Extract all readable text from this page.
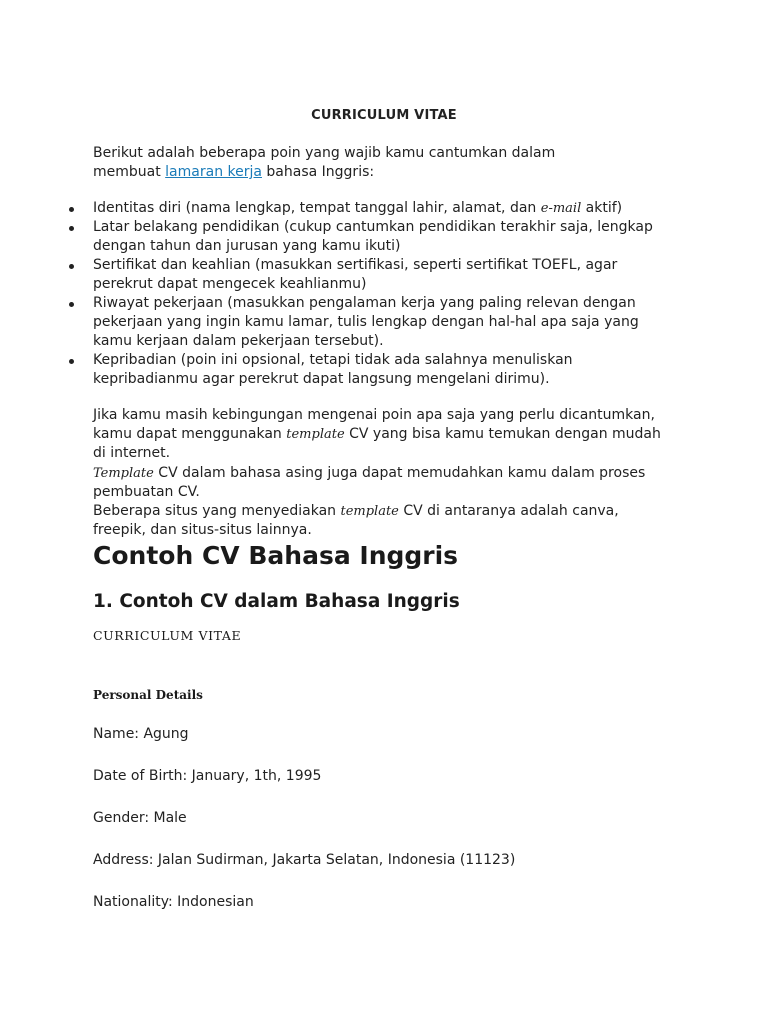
CURRICULUM VITAE
Berikut adalah beberapa poin yang wajib kamu cantumkan dalam membuat lamaran kerja bahasa Inggris:
Identitas diri (nama lengkap, tempat tanggal lahir, alamat, dan e-mail aktif)
Latar belakang pendidikan (cukup cantumkan pendidikan terakhir saja, lengkap dengan tahun dan jurusan yang kamu ikuti)
Sertifikat dan keahlian (masukkan sertifikasi, seperti sertifikat TOEFL, agar perekrut dapat mengecek keahlianmu)
Riwayat pekerjaan (masukkan pengalaman kerja yang paling relevan dengan pekerjaan yang ingin kamu lamar, tulis lengkap dengan hal-hal apa saja yang kamu kerjaan dalam pekerjaan tersebut).
Kepribadian (poin ini opsional, tetapi tidak ada salahnya menuliskan kepribadianmu agar perekrut dapat langsung mengelani dirimu).
Jika kamu masih kebingungan mengenai poin apa saja yang perlu dicantumkan, kamu dapat menggunakan template CV yang bisa kamu temukan dengan mudah di internet.
Template CV dalam bahasa asing juga dapat memudahkan kamu dalam proses pembuatan CV.
Beberapa situs yang menyediakan template CV di antaranya adalah canva, freepik, dan situs-situs lainnya.
Contoh CV Bahasa Inggris
1. Contoh CV dalam Bahasa Inggris
CURRICULUM VITAE
Personal Details
Name: Agung
Date of Birth: January, 1th, 1995
Gender: Male
Address: Jalan Sudirman, Jakarta Selatan, Indonesia (11123)
Nationality: Indonesian
